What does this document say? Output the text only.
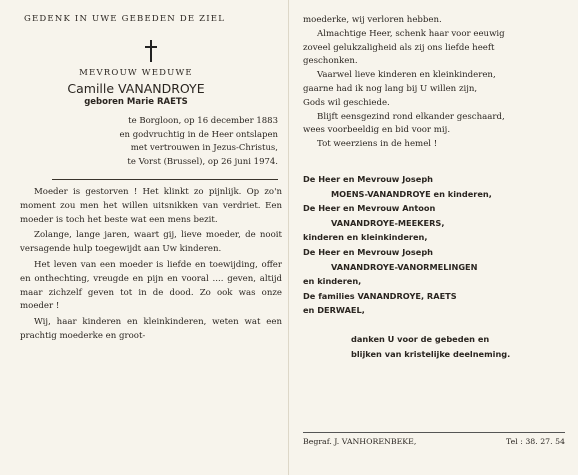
GEDENK IN UWE GEBEDEN DE ZIEL
MEVROUW WEDUWE
Camille VANANDROYE
geboren Marie RAETS
te Borgloon, op 16 december 1883
en godvruchtig in de Heer ontslapen
met vertrouwen in Jezus-Christus,
te Vorst (Brussel), op 26 juni 1974.

Moeder is gestorven ! Het klinkt zo pijnlijk. Op zo'n moment zou men het willen uitsnikken van verdriet. Een moeder is toch het beste wat een mens bezit.

Zolange, lange jaren, waart gij, lieve moeder, de nooit versagende hulp toegewijdt aan Uw kinderen.

Het leven van een moeder is liefde en toewijding, offer en onthechting, vreugde en pijn en vooral .... geven, altijd maar zichzelf geven tot in de dood. Zo ook was onze moeder !

Wij, haar kinderen en kleinkinderen, weten wat een prachtig moederke en groot-

moederke, wij verloren hebben.
Almachtige Heer, schenk haar voor eeuwig
zoveel gelukzaligheid als zij ons liefde heeft
geschonken.
Vaarwel lieve kinderen en kleinkinderen,
gaarne had ik nog lang bij U willen zijn,
Gods wil geschiede.
Blijft eensgezind rond elkander geschaard,
wees voorbeeldig en bid voor mij.
Tot weerziens in de hemel !
De Heer en Mevrouw Joseph
MOENS-VANANDROYE en kinderen,
De Heer en Mevrouw Antoon
VANANDROYE-MEEKERS,
kinderen en kleinkinderen,
De Heer en Mevrouw Joseph
VANANDROYE-VANORMELINGEN
en kinderen,
De families VANANDROYE, RAETS
en DERWAEL,
danken U voor de gebeden en
blijken van kristelijke deelneming.
Begraf. J. VANHORENBEKE,	Tel : 38. 27. 54
